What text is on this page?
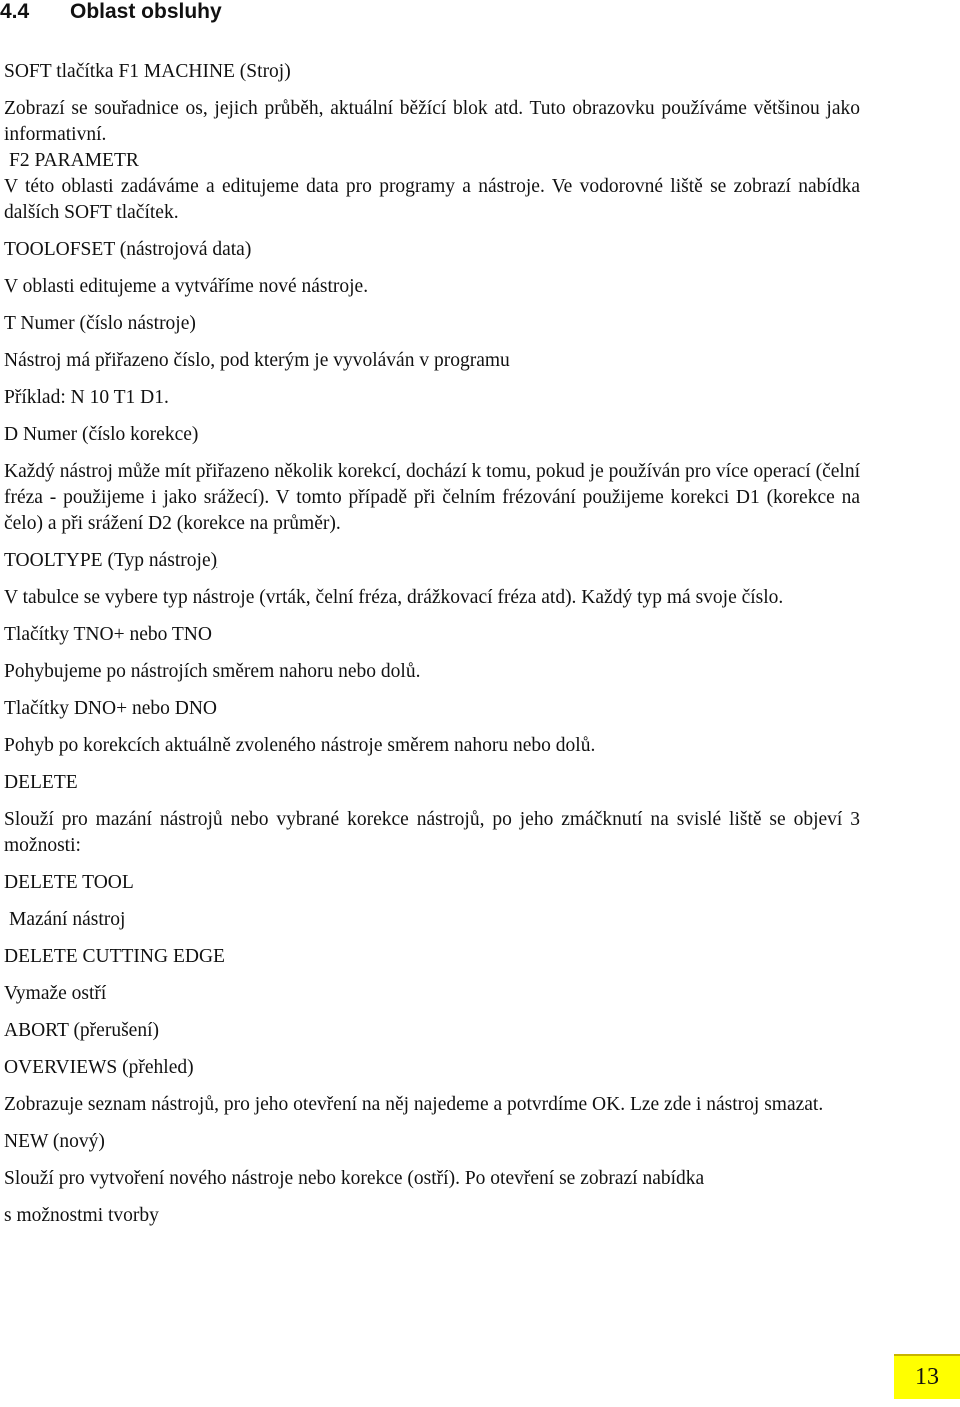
4.4 Oblast obsluhy

SOFT tlačítka F1 MACHINE (Stroj)

Zobrazí se souřadnice os, jejich průběh, aktuální běžící blok atd. Tuto obrazovku používáme většinou jako informativní.

F2 PARAMETR

V této oblasti zadáváme a editujeme data pro programy a nástroje. Ve vodorovné liště se zobrazí nabídka dalších SOFT tlačítek.

TOOLOFSET (nástrojová data)

V oblasti editujeme a vytváříme nové nástroje.

T Numer (číslo nástroje)

Nástroj má přiřazeno číslo, pod kterým je vyvoláván v programu

Příklad: N 10 T1 D1.

D Numer (číslo korekce)

Každý nástroj může mít přiřazeno několik korekcí, dochází k tomu, pokud je používán pro více operací (čelní fréza - použijeme i jako srážecí). V tomto případě při čelním frézování použijeme korekci D1 (korekce na čelo) a při srážení D2 (korekce na průměr).

TOOLTYPE (Typ nástroje)

V tabulce se vybere typ nástroje (vrták, čelní fréza, drážkovací fréza atd). Každý typ má svoje číslo.

Tlačítky TNO+ nebo TNO

Pohybujeme po nástrojích směrem nahoru nebo dolů.

Tlačítky DNO+ nebo DNO

Pohyb po korekcích aktuálně zvoleného nástroje směrem nahoru nebo dolů.

DELETE

Slouží pro mazání nástrojů nebo vybrané korekce nástrojů, po jeho zmáčknutí na svislé liště se objeví 3 možnosti:

DELETE TOOL

Mazání nástroj

DELETE CUTTING EDGE

Vymaže ostří

ABORT (přerušení)

OVERVIEWS (přehled)

Zobrazuje seznam nástrojů, pro jeho otevření na něj najedeme a potvrdíme OK. Lze zde i nástroj smazat.

NEW (nový)

Slouží pro vytvoření nového nástroje nebo korekce (ostří). Po otevření se zobrazí nabídka

s možnostmi tvorby

13
